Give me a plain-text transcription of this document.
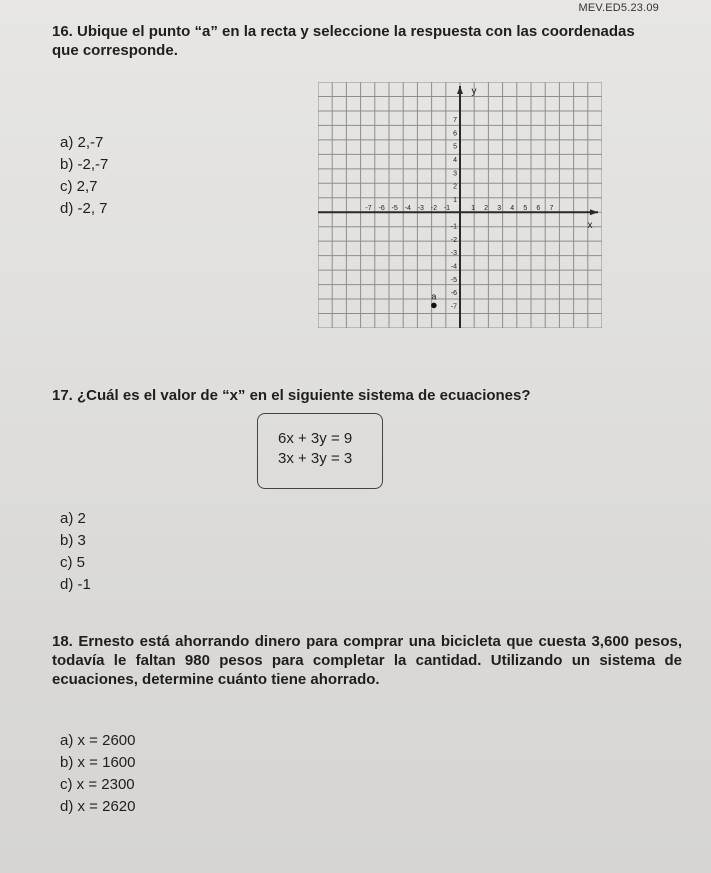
MEV.ED5.23.09
16. Ubique el punto “a” en la recta y seleccione la respuesta con las coordenadas que corresponde.
a) 2,-7
b) -2,-7
c) 2,7
d) -2, 7	-7 -6 -5 -4 -3 -2 -1	1 2 3 4 5 6 7
7
6
5
4
3
2
1
-1
-2
-3
-4
-5
-6
-7
y
x
a
17. ¿Cuál es el valor de “x” en el siguiente sistema de ecuaciones?
6x + 3y = 9
3x + 3y = 3
a) 2
b) 3
c) 5
d) -1
18. Ernesto está ahorrando dinero para comprar una bicicleta que cuesta 3,600 pesos, todavía le faltan 980 pesos para completar la cantidad. Utilizando un sistema de ecuaciones, determine cuánto tiene ahorrado.
a) x = 2600
b) x = 1600
c) x = 2300
d) x = 2620
